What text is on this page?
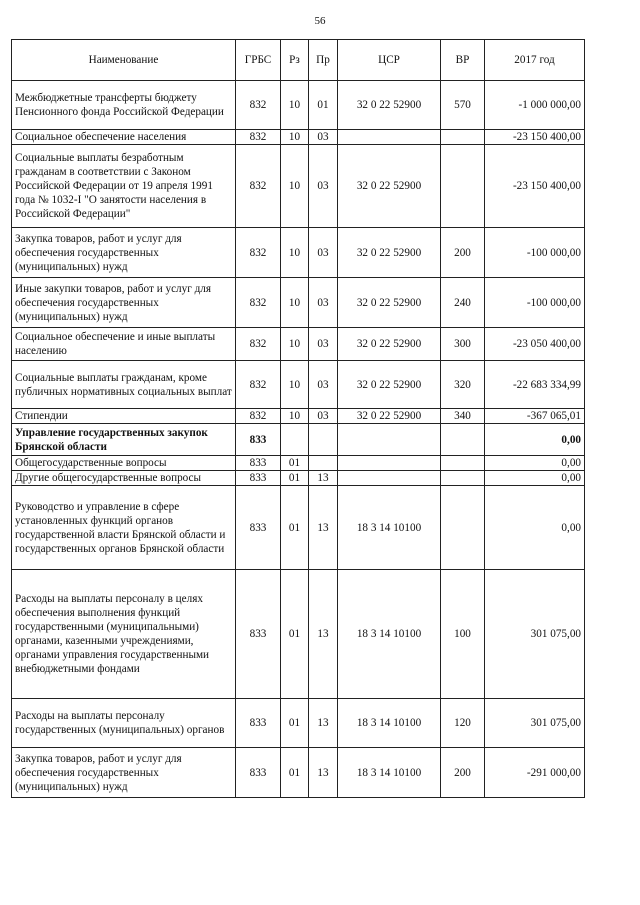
56
Наименование	ГРБС	Рз	Пр	ЦСР	ВР	2017 год
Межбюджетные трансферты бюджету Пенсионного фонда Российской Федерации	832	10	01	32 0 22 52900	570	-1 000 000,00
Социальное обеспечение населения	832	10	03			-23 150 400,00
Социальные выплаты безработным гражданам в соответствии с Законом Российской Федерации от 19 апреля 1991 года № 1032-I "О занятости населения в Российской Федерации"	832	10	03	32 0 22 52900		-23 150 400,00
Закупка товаров, работ и услуг для обеспечения государственных (муниципальных) нужд	832	10	03	32 0 22 52900	200	-100 000,00
Иные закупки товаров, работ и услуг для обеспечения государственных (муниципальных) нужд	832	10	03	32 0 22 52900	240	-100 000,00
Социальное обеспечение и иные выплаты населению	832	10	03	32 0 22 52900	300	-23 050 400,00
Социальные выплаты гражданам, кроме публичных нормативных социальных выплат	832	10	03	32 0 22 52900	320	-22 683 334,99
Стипендии	832	10	03	32 0 22 52900	340	-367 065,01
Управление государственных закупок Брянской области	833					0,00
Общегосударственные вопросы	833	01				0,00
Другие общегосударственные вопросы	833	01	13			0,00
Руководство и управление в сфере установленных функций органов государственной власти Брянской области и государственных органов Брянской области	833	01	13	18 3 14 10100		0,00
Расходы на выплаты персоналу в целях обеспечения выполнения функций государственными (муниципальными) органами, казенными учреждениями, органами управления государственными внебюджетными фондами	833	01	13	18 3 14 10100	100	301 075,00
Расходы на выплаты персоналу государственных (муниципальных) органов	833	01	13	18 3 14 10100	120	301 075,00
Закупка товаров, работ и услуг для обеспечения государственных (муниципальных) нужд	833	01	13	18 3 14 10100	200	-291 000,00
